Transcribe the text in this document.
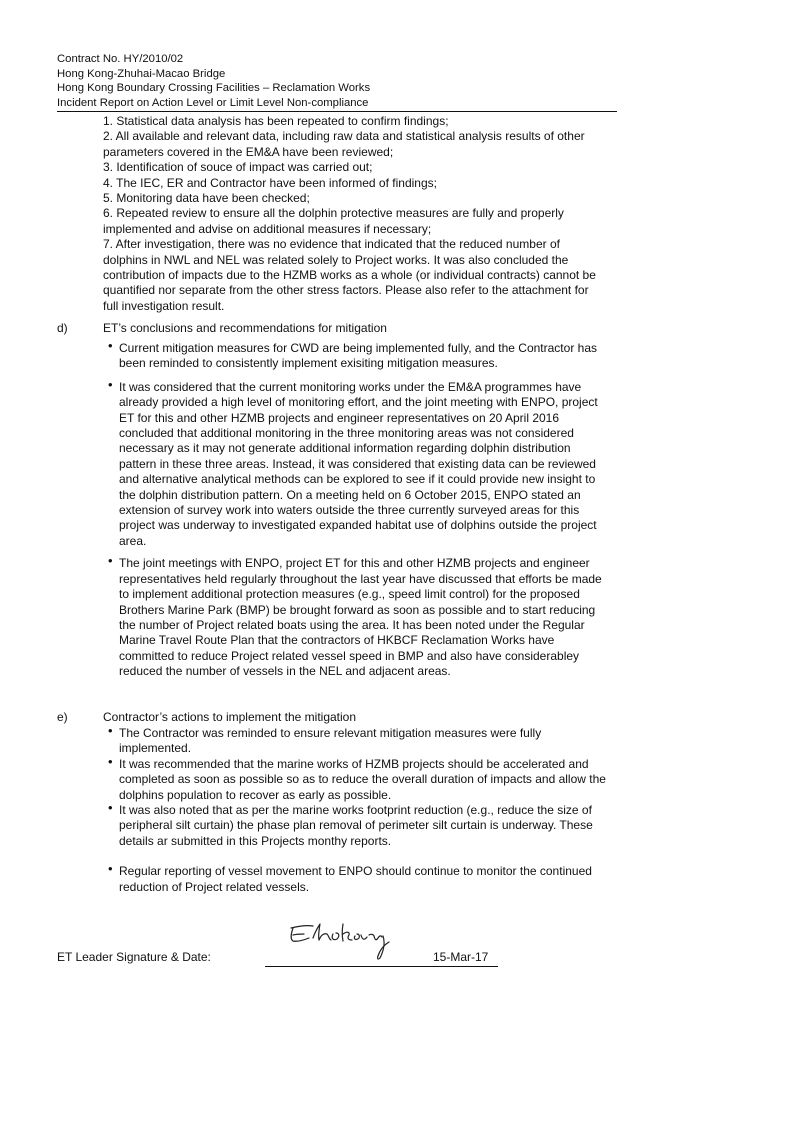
Contract No. HY/2010/02
Hong Kong-Zhuhai-Macao Bridge
Hong Kong Boundary Crossing Facilities – Reclamation Works
Incident Report on Action Level or Limit Level Non-compliance

1. Statistical data analysis has been repeated to confirm findings;

2. All available and relevant data, including raw data and statistical analysis results of other parameters covered in the EM&A have been reviewed;

3. Identification of souce of impact was carried out;

4. The IEC, ER and Contractor have been informed of findings;

5. Monitoring data have been checked;

6. Repeated review to ensure all the dolphin protective measures are fully and properly implemented and advise on additional measures if necessary;

7. After investigation, there was no evidence that indicated that the reduced number of dolphins in NWL and NEL was related solely to Project works. It was also concluded the contribution of impacts due to the HZMB works as a whole (or individual contracts) cannot be quantified nor separate from the other stress factors. Please also refer to the attachment for full investigation result.

d)	ET’s conclusions and recommendations for mitigation
• Current mitigation measures for CWD are being implemented fully, and the Contractor has been reminded to consistently implement exisiting mitigation measures.
• It was considered that the current monitoring works under the EM&A programmes have already provided a high level of monitoring effort, and the joint meeting with ENPO, project ET for this and other HZMB projects and engineer representatives on 20 April 2016 concluded that additional monitoring in the three monitoring areas was not considered necessary as it may not generate additional information regarding dolphin distribution pattern in these three areas. Instead, it was considered that existing data can be reviewed and alternative analytical methods can be explored to see if it could provide new insight to the dolphin distribution pattern. On a meeting held on 6 October 2015, ENPO stated an extension of survey work into waters outside the three currently surveyed areas for this project was underway to investigated expanded habitat use of dolphins outside the project area.
• The joint meetings with ENPO, project ET for this and other HZMB projects and engineer representatives held regularly throughout the last year have discussed that efforts be made to implement additional protection measures (e.g., speed limit control) for the proposed Brothers Marine Park (BMP) be brought forward as soon as possible and to start reducing the number of Project related boats using the area. It has been noted under the Regular Marine Travel Route Plan that the contractors of HKBCF Reclamation Works have committed to reduce Project related vessel speed in BMP and also have considerabley reduced the number of vessels in the NEL and adjacent areas.
e)	Contractor’s actions to implement the mitigation
• The Contractor was reminded to ensure relevant mitigation measures were fully implemented.
• It was recommended that the marine works of HZMB projects should be accelerated and completed as soon as possible so as to reduce the overall duration of impacts and allow the dolphins population to recover as early as possible.
• It was also noted that as per the marine works footprint reduction (e.g., reduce the size of peripheral silt curtain) the phase plan removal of perimeter silt curtain is underway. These details ar submitted in this Projects monthy reports.
• Regular reporting of vessel movement to ENPO should continue to monitor the continued reduction of Project related vessels.
ET Leader Signature & Date:	15-Mar-17
